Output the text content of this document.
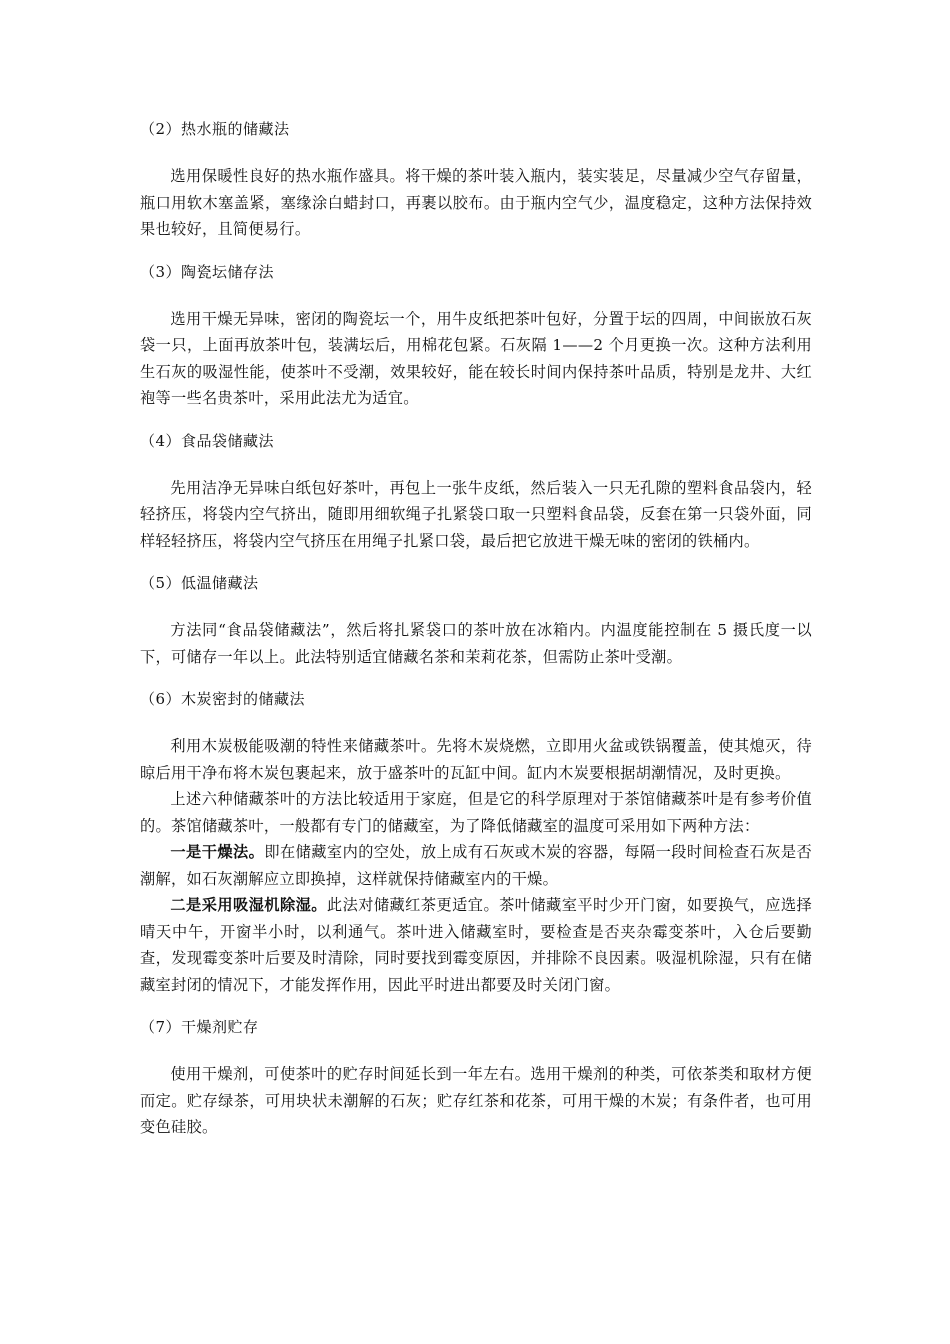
（2）热水瓶的储藏法

选用保暖性良好的热水瓶作盛具。将干燥的茶叶装入瓶内，装实装足，尽量减少空气存留量，瓶口用软木塞盖紧，塞缘涂白蜡封口，再裹以胶布。由于瓶内空气少，温度稳定，这种方法保持效果也较好，且简便易行。

（3）陶瓷坛储存法

选用干燥无异味，密闭的陶瓷坛一个，用牛皮纸把茶叶包好，分置于坛的四周，中间嵌放石灰袋一只，上面再放茶叶包，装满坛后，用棉花包紧。石灰隔 1——2 个月更换一次。这种方法利用生石灰的吸湿性能，使茶叶不受潮，效果较好，能在较长时间内保持茶叶品质，特别是龙井、大红袍等一些名贵茶叶，采用此法尤为适宜。

（4）食品袋储藏法

先用洁净无异味白纸包好茶叶，再包上一张牛皮纸，然后装入一只无孔隙的塑料食品袋内，轻轻挤压，将袋内空气挤出，随即用细软绳子扎紧袋口取一只塑料食品袋，反套在第一只袋外面，同样轻轻挤压，将袋内空气挤压在用绳子扎紧口袋，最后把它放进干燥无味的密闭的铁桶内。

（5）低温储藏法

方法同“食品袋储藏法”，然后将扎紧袋口的茶叶放在冰箱内。内温度能控制在 5 摄氏度一以下，可储存一年以上。此法特别适宜储藏名茶和茉莉花茶，但需防止茶叶受潮。

（6）木炭密封的储藏法

利用木炭极能吸潮的特性来储藏茶叶。先将木炭烧燃，立即用火盆或铁锅覆盖，使其熄灭，待晾后用干净布将木炭包裹起来，放于盛茶叶的瓦缸中间。缸内木炭要根据胡潮情况，及时更换。

上述六种储藏茶叶的方法比较适用于家庭，但是它的科学原理对于茶馆储藏茶叶是有参考价值的。茶馆储藏茶叶，一般都有专门的储藏室，为了降低储藏室的温度可采用如下两种方法：

一是干燥法。即在储藏室内的空处，放上成有石灰或木炭的容器，每隔一段时间检查石灰是否潮解，如石灰潮解应立即换掉，这样就保持储藏室内的干燥。

二是采用吸湿机除湿。此法对储藏红茶更适宜。茶叶储藏室平时少开门窗，如要换气，应选择晴天中午，开窗半小时，以利通气。茶叶进入储藏室时，要检查是否夹杂霉变茶叶，入仓后要勤查，发现霉变茶叶后要及时清除，同时要找到霉变原因，并排除不良因素。吸湿机除湿，只有在储藏室封闭的情况下，才能发挥作用，因此平时进出都要及时关闭门窗。

（7）干燥剂贮存

使用干燥剂，可使茶叶的贮存时间延长到一年左右。选用干燥剂的种类，可依茶类和取材方便而定。贮存绿茶，可用块状未潮解的石灰；贮存红茶和花茶，可用干燥的木炭；有条件者，也可用变色硅胶。
